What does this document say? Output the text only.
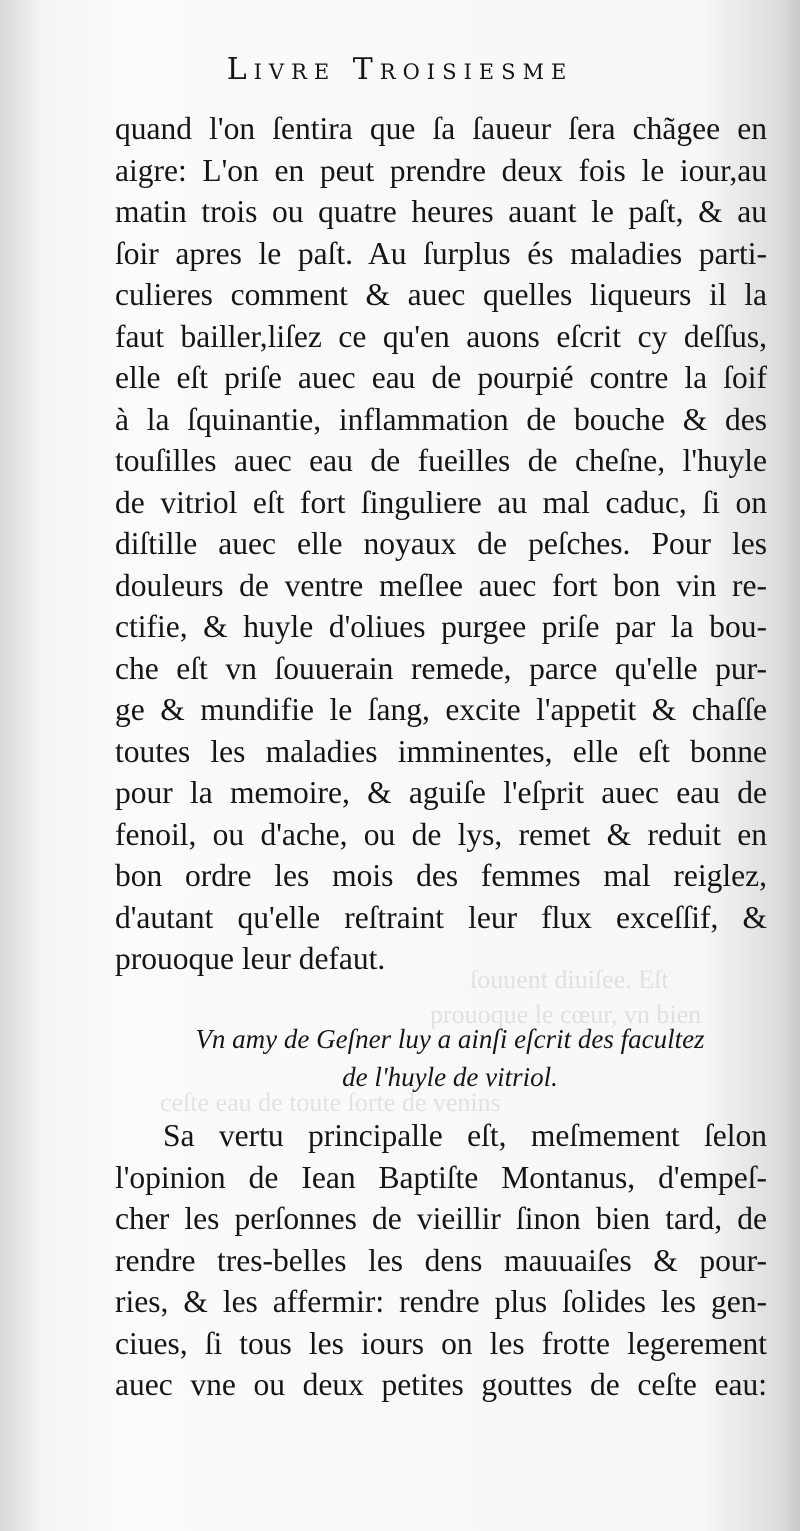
ſouuent diuiſee. Eſt
prouoque le cœur, vn bien
ceſte eau de toute ſorte de venins
Livre Troisiesme
quand l'on ſentira que ſa ſaueur ſera chãgee en
aigre: L'on en peut prendre deux fois le iour,au
matin trois ou quatre heures auant le paſt, & au
ſoir apres le paſt. Au ſurplus és maladies parti-
culieres comment & auec quelles liqueurs il la
faut bailler,liſez ce qu'en auons eſcrit cy deſſus,
elle eſt priſe auec eau de pourpié contre la ſoif
à la ſquinantie, inflammation de bouche & des
touſilles auec eau de fueilles de cheſne, l'huyle
de vitriol eſt fort ſinguliere au mal caduc, ſi on
diſtille auec elle noyaux de peſches. Pour les
douleurs de ventre meſlee auec fort bon vin re-
ctifie, & huyle d'oliues purgee priſe par la bou-
che eſt vn ſouuerain remede, parce qu'elle pur-
ge & mundifie le ſang, excite l'appetit & chaſſe
toutes les maladies imminentes, elle eſt bonne
pour la memoire, & aguiſe l'eſprit auec eau de
fenoil, ou d'ache, ou de lys, remet & reduit en
bon ordre les mois des femmes mal reiglez,
d'autant qu'elle reſtraint leur flux exceſſif, &
prouoque leur defaut.
Vn amy de Geſner luy a ainſi eſcrit des facultez
de l'huyle de vitriol.
Sa vertu principalle eſt, meſmement ſelon
l'opinion de Iean Baptiſte Montanus, d'empeſ-
cher les perſonnes de vieillir ſinon bien tard, de
rendre tres-belles les dens mauuaiſes & pour-
ries, & les affermir: rendre plus ſolides les gen-
ciues, ſi tous les iours on les frotte legerement
auec vne ou deux petites gouttes de ceſte eau:
